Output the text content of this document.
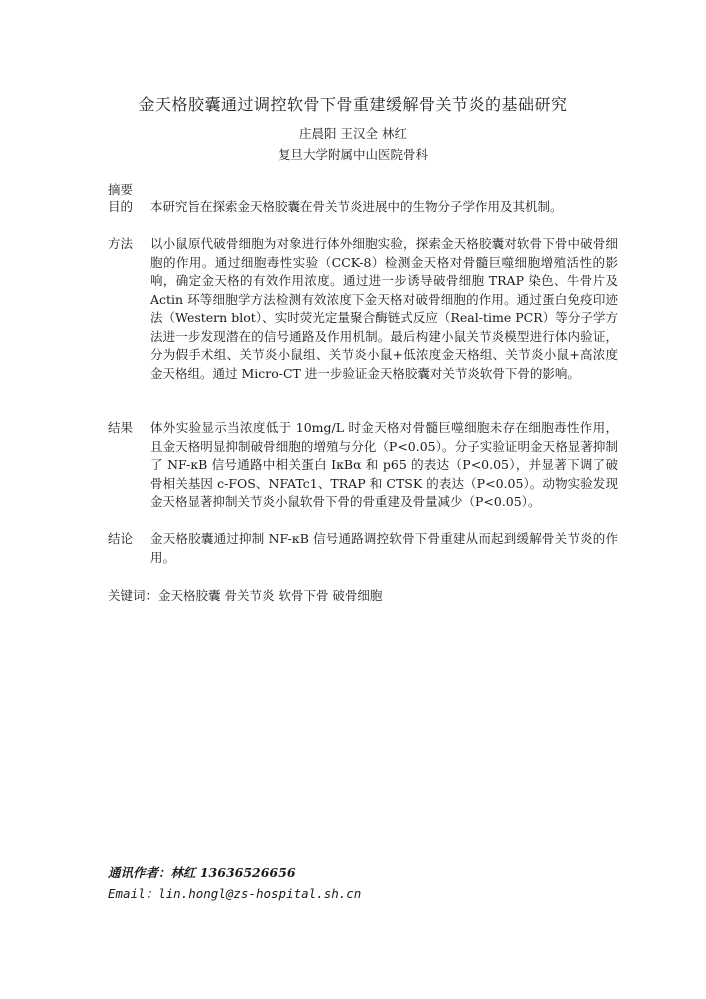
金天格胶囊通过调控软骨下骨重建缓解骨关节炎的基础研究
庄晨阳 王汉全 林红
复旦大学附属中山医院骨科
摘要
目的	本研究旨在探索金天格胶囊在骨关节炎进展中的生物分子学作用及其机制。
方法	以小鼠原代破骨细胞为对象进行体外细胞实验，探索金天格胶囊对软骨下骨中破骨细胞的作用。通过细胞毒性实验（CCK-8）检测金天格对骨髓巨噬细胞增殖活性的影响，确定金天格的有效作用浓度。通过进一步诱导破骨细胞 TRAP 染色、牛骨片及 Actin 环等细胞学方法检测有效浓度下金天格对破骨细胞的作用。通过蛋白免疫印迹法（Western blot）、实时荧光定量聚合酶链式反应（Real-time PCR）等分子学方法进一步发现潜在的信号通路及作用机制。最后构建小鼠关节炎模型进行体内验证，分为假手术组、关节炎小鼠组、关节炎小鼠+低浓度金天格组、关节炎小鼠+高浓度金天格组。通过 Micro-CT 进一步验证金天格胶囊对关节炎软骨下骨的影响。
结果	体外实验显示当浓度低于 10mg/L 时金天格对骨髓巨噬细胞未存在细胞毒性作用，且金天格明显抑制破骨细胞的增殖与分化（P<0.05）。分子实验证明金天格显著抑制了 NF-κB 信号通路中相关蛋白 IκBα 和 p65 的表达（P<0.05），并显著下调了破骨相关基因 c-FOS、NFATc1、TRAP 和 CTSK 的表达（P<0.05）。动物实验发现金天格显著抑制关节炎小鼠软骨下骨的骨重建及骨量减少（P<0.05）。
结论	金天格胶囊通过抑制 NF-κB 信号通路调控软骨下骨重建从而起到缓解骨关节炎的作用。
关键词：金天格胶囊 骨关节炎 软骨下骨 破骨细胞
通讯作者：林红 13636526656
Email：lin.hongl@zs-hospital.sh.cn
